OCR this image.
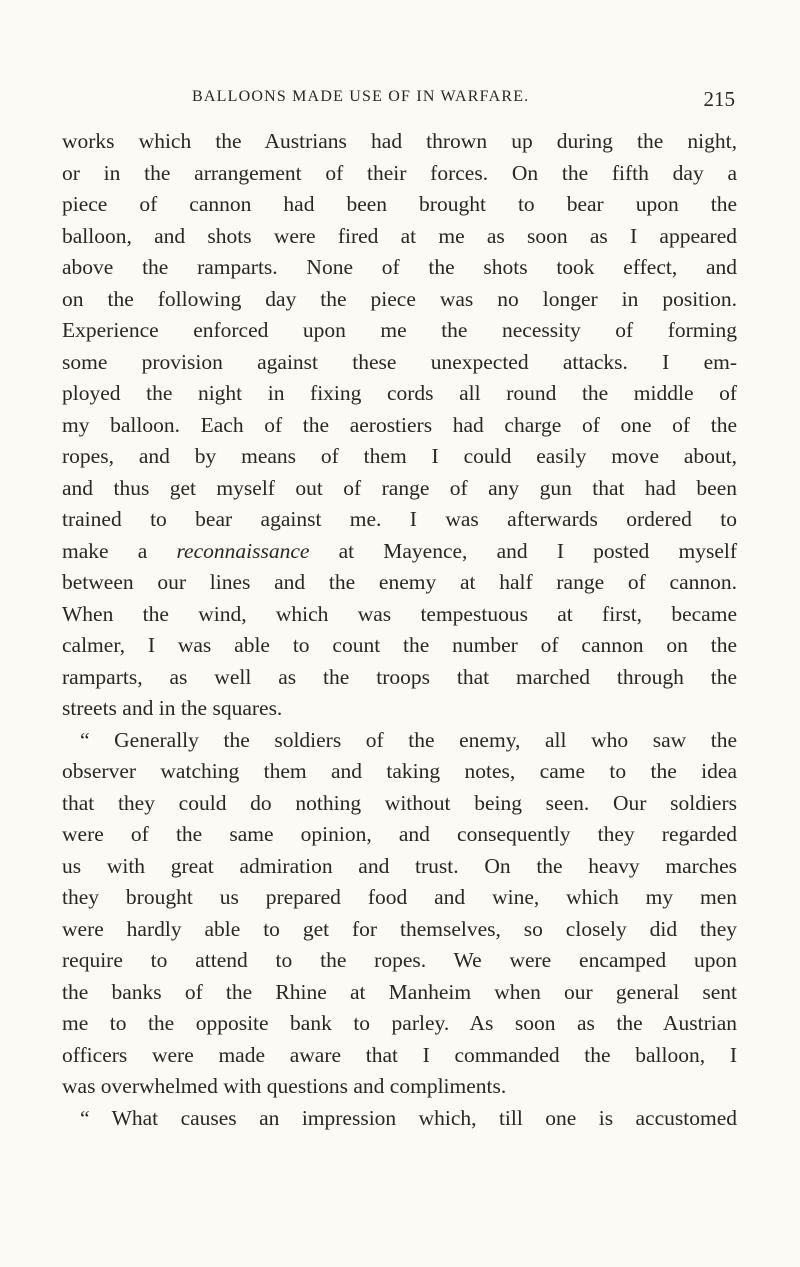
BALLOONS MADE USE OF IN WARFARE.	215
works which the Austrians had thrown up during the night,
or in the arrangement of their forces. On the fifth day a
piece of cannon had been brought to bear upon the
balloon, and shots were fired at me as soon as I appeared
above the ramparts. None of the shots took effect, and
on the following day the piece was no longer in position.
Experience enforced upon me the necessity of forming
some provision against these unexpected attacks. I em-
ployed the night in fixing cords all round the middle of
my balloon. Each of the aerostiers had charge of one of the
ropes, and by means of them I could easily move about,
and thus get myself out of range of any gun that had been
trained to bear against me. I was afterwards ordered to
make a reconnaissance at Mayence, and I posted myself
between our lines and the enemy at half range of cannon.
When the wind, which was tempestuous at first, became
calmer, I was able to count the number of cannon on the
ramparts, as well as the troops that marched through the
streets and in the squares.
“ Generally the soldiers of the enemy, all who saw the
observer watching them and taking notes, came to the idea
that they could do nothing without being seen. Our soldiers
were of the same opinion, and consequently they regarded
us with great admiration and trust. On the heavy marches
they brought us prepared food and wine, which my men
were hardly able to get for themselves, so closely did they
require to attend to the ropes. We were encamped upon
the banks of the Rhine at Manheim when our general sent
me to the opposite bank to parley. As soon as the Austrian
officers were made aware that I commanded the balloon, I
was overwhelmed with questions and compliments.
“ What causes an impression which, till one is accustomed
